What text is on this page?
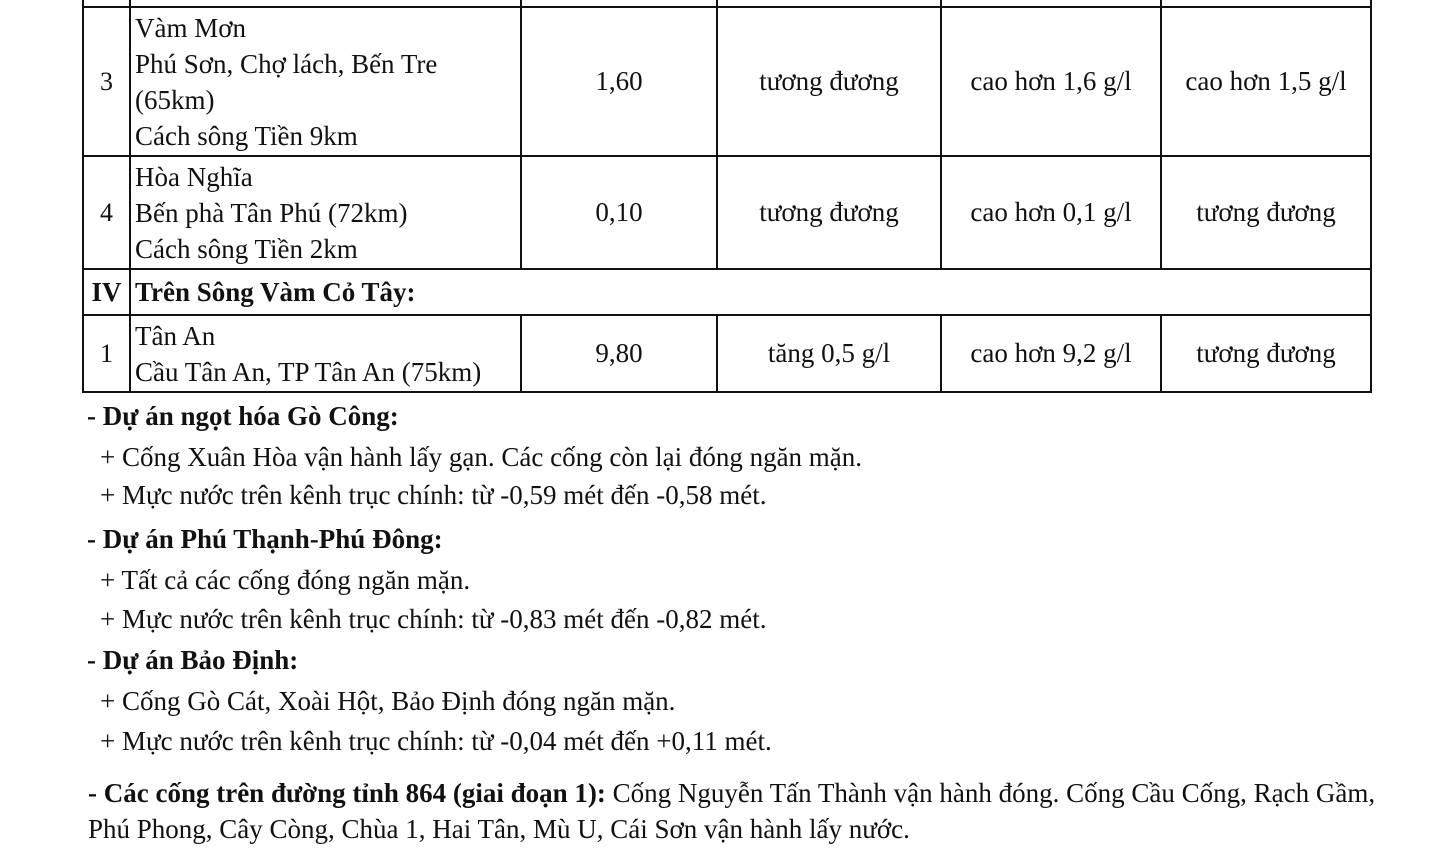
3	Vàm Mơn
Phú Sơn, Chợ lách, Bến Tre
(65km)
Cách sông Tiền 9km	1,60	tương đương	cao hơn 1,6 g/l	cao hơn 1,5 g/l
4	Hòa Nghĩa
Bến phà Tân Phú (72km)
Cách sông Tiền 2km	0,10	tương đương	cao hơn 0,1 g/l	tương đương
IV	Trên Sông Vàm Cỏ Tây:				
1	Tân An
Cầu Tân An, TP Tân An (75km)	9,80	tăng 0,5 g/l	cao hơn 9,2 g/l	tương đương
- Dự án ngọt hóa Gò Công:
+ Cống Xuân Hòa vận hành lấy gạn. Các cống còn lại đóng ngăn mặn.
+ Mực nước trên kênh trục chính: từ -0,59 mét đến -0,58 mét.
- Dự án Phú Thạnh-Phú Đông:
+ Tất cả các cống đóng ngăn mặn.
+ Mực nước trên kênh trục chính: từ -0,83 mét đến -0,82 mét.
- Dự án Bảo Định:
+ Cống Gò Cát, Xoài Hột, Bảo Định đóng ngăn mặn.
+ Mực nước trên kênh trục chính: từ -0,04 mét đến +0,11 mét.
- Các cống trên đường tỉnh 864 (giai đoạn 1): Cống Nguyễn Tấn Thành vận hành đóng. Cống Cầu Cống, Rạch Gầm, Phú Phong, Cây Còng, Chùa 1, Hai Tân, Mù U, Cái Sơn vận hành lấy nước.
